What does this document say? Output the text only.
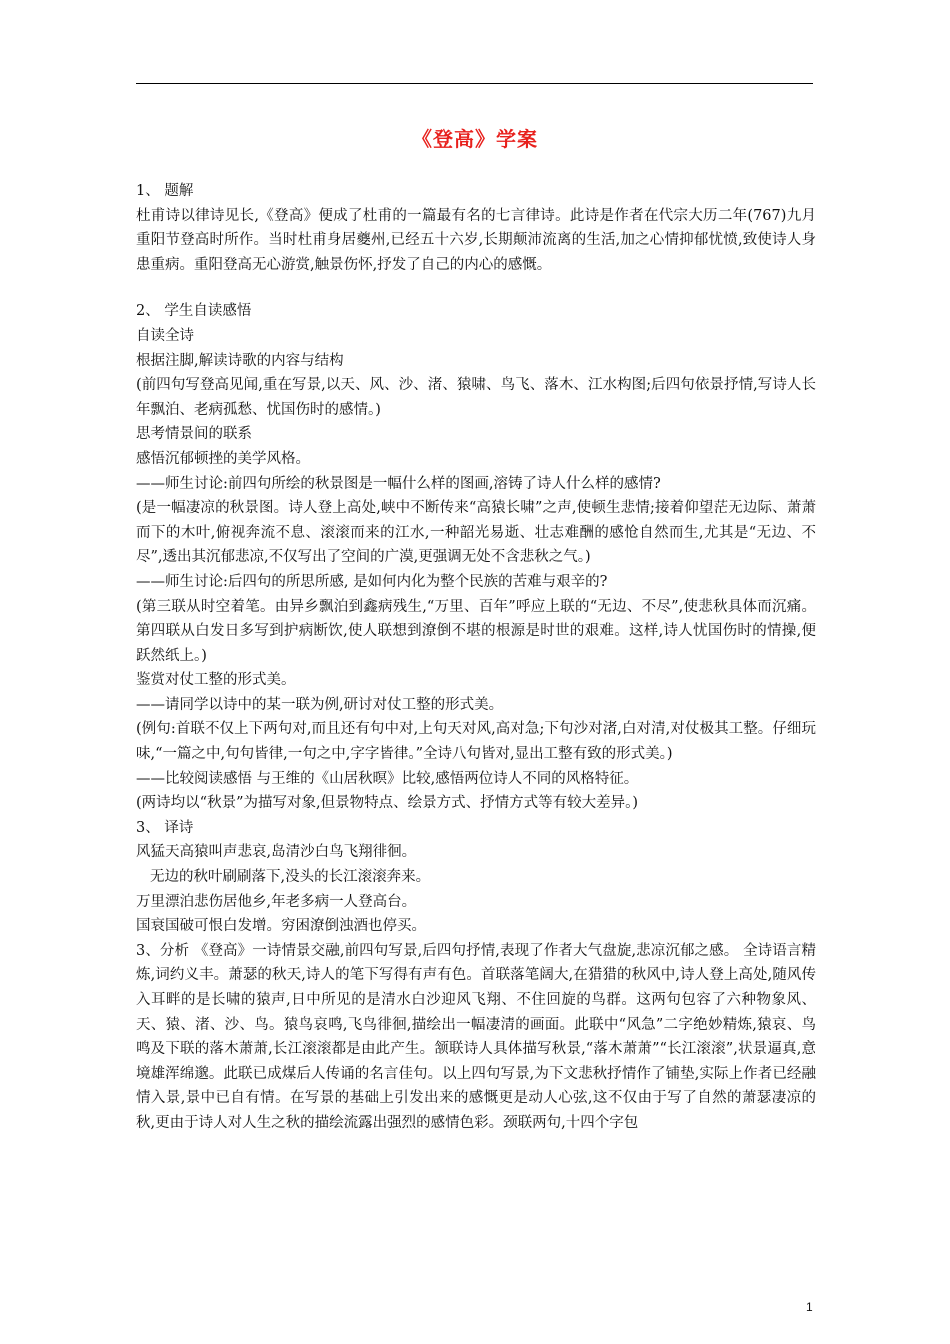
《登高》学案

1、 题解

杜甫诗以律诗见长,《登高》便成了杜甫的一篇最有名的七言律诗。此诗是作者在代宗大历二年(767)九月重阳节登高时所作。当时杜甫身居夔州,已经五十六岁,长期颠沛流离的生活,加之心情抑郁忧愤,致使诗人身患重病。重阳登高无心游赏,触景伤怀,抒发了自己的内心的感慨。

2、 学生自读感悟

自读全诗

根据注脚,解读诗歌的内容与结构

(前四句写登高见闻,重在写景,以天、风、沙、渚、猿啸、鸟飞、落木、江水构图;后四句依景抒情,写诗人长年飘泊、老病孤愁、忧国伤时的感情。)

思考情景间的联系

感悟沉郁顿挫的美学风格。

——师生讨论:前四句所绘的秋景图是一幅什么样的图画,溶铸了诗人什么样的感情?

(是一幅凄凉的秋景图。诗人登上高处,峡中不断传来“高猿长啸”之声,使顿生悲情;接着仰望茫无边际、萧萧而下的木叶,俯视奔流不息、滚滚而来的江水,一种韶光易逝、壮志难酬的感怆自然而生,尤其是“无边、不尽”,透出其沉郁悲凉,不仅写出了空间的广漠,更强调无处不含悲秋之气。)

——师生讨论:后四句的所思所感, 是如何内化为整个民族的苦难与艰辛的?

(第三联从时空着笔。由异乡飘泊到鑫病残生,“万里、百年”呼应上联的“无边、不尽”,使悲秋具体而沉痛。第四联从白发日多写到护病断饮,使人联想到潦倒不堪的根源是时世的艰难。这样,诗人忧国伤时的情操,便跃然纸上。)

鉴赏对仗工整的形式美。

——请同学以诗中的某一联为例,研讨对仗工整的形式美。

(例句:首联不仅上下两句对,而且还有句中对,上句天对风,高对急;下句沙对渚,白对清,对仗极其工整。仔细玩味,“一篇之中,句句皆律,一句之中,字字皆律。”全诗八句皆对,显出工整有致的形式美。)

——比较阅读感悟 与王维的《山居秋暝》比较,感悟两位诗人不同的风格特征。

(两诗均以“秋景”为描写对象,但景物特点、绘景方式、抒情方式等有较大差异。)

3、 译诗

风猛天高猿叫声悲哀,岛清沙白鸟飞翔徘徊。

无边的秋叶刷刷落下,没头的长江滚滚奔来。

万里漂泊悲伤居他乡,年老多病一人登高台。

国衰国破可恨白发增。穷困潦倒浊酒也停买。

3、分析 《登高》一诗情景交融,前四句写景,后四句抒情,表现了作者大气盘旋,悲凉沉郁之感。 全诗语言精炼,词约义丰。萧瑟的秋天,诗人的笔下写得有声有色。首联落笔阔大,在猎猎的秋风中,诗人登上高处,随风传入耳畔的是长啸的猿声,日中所见的是清水白沙迎风飞翔、不住回旋的鸟群。这两句包容了六种物象风、天、猿、渚、沙、鸟。猿鸟哀鸣,飞鸟徘徊,描绘出一幅凄清的画面。此联中“风急”二字绝妙精炼,猿哀、鸟鸣及下联的落木萧萧,长江滚滚都是由此产生。颔联诗人具体描写秋景,“落木萧萧”“长江滚滚”,状景逼真,意境雄浑绵邈。此联已成煤后人传诵的名言佳句。以上四句写景,为下文悲秋抒情作了铺垫,实际上作者已经融情入景,景中已自有情。在写景的基础上引发出来的感慨更是动人心弦,这不仅由于写了自然的萧瑟凄凉的秋,更由于诗人对人生之秋的描绘流露出强烈的感情色彩。颈联两句,十四个字包

1
